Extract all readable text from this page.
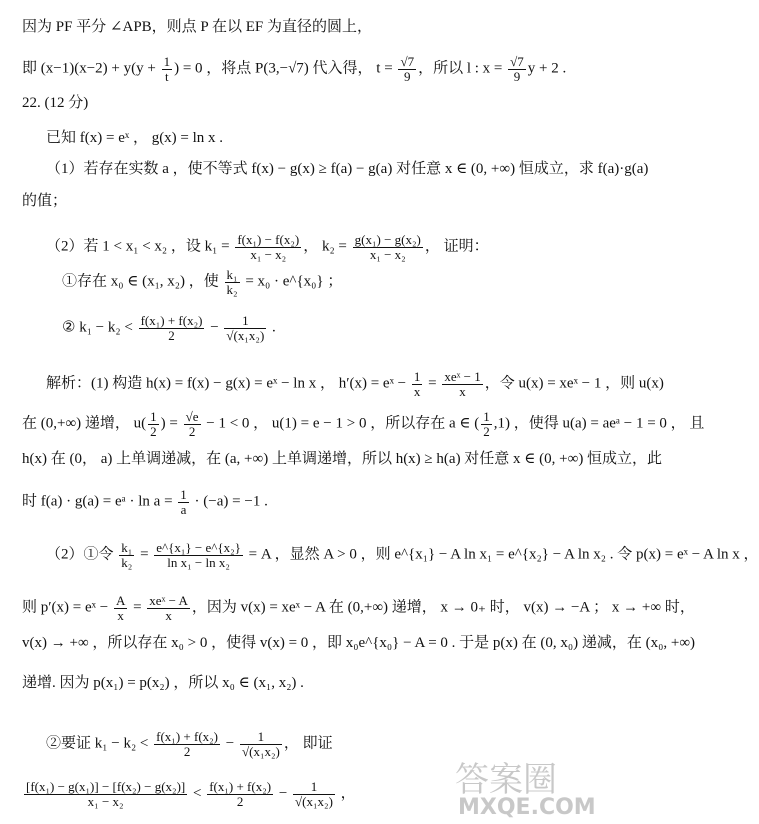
因为 PF 平分 ∠APB，则点 P 在以 EF 为直径的圆上，
即 $(x-1)(x-2) + y(y + \frac{1}{t}$ ) = 0 ，将点 P(3,−√7) 代入得， $t = \frac{√7}{9}$ ，所以 l : $x = \frac{√7}{9}$ y + 2 .
22. (12 分)
已知 f(x) = eˣ ， g(x) = ln x .
（1）若存在实数 a ，使不等式 f(x) − g(x) ≥ f(a) − g(a) 对任意 x ∈ (0, +∞) 恒成立，求 f(a)·g(a)
的值；
（2）若 1 < x₁ < x₂ ，设 $k_1 = \frac{\text{f(x₁) − f(x₂)}}{\text{x₁ − x₂}}$ ， $k_2 = \frac{\text{g(x₁) − g(x₂)}}{\text{x₁ − x₂}}$ ， 证明：
①存在 x₀ ∈ (x₁, x₂) ，使 $\frac{\text{k₁}}{\text{k₂}} = x_0$ · e^{x₀} ；
② $k_1 - k_2 < \frac{\text{f(x₁) + f(x₂)}}{2} - \frac{1}{\text{√(x₁x₂)}}$ .
解析：(1) 构造 h(x) = f(x) − g(x) = eˣ − ln x ， h′(x) = eˣ − $\frac{1}{x} = \frac{\text{xeˣ − 1}}{x}$ ，令 u(x) = xeˣ − 1 ，则 u(x)
在 (0,+∞) 递增， $u( \frac{1}{2}$ ) = $\frac{√e}{2} - 1 < 0$ ， u(1) = e − 1 > 0 ，所以存在 a ∈ ( $\frac{1}{2} ,1$) ，使得 u(a) = aeᵃ − 1 = 0 ， 且
h(x) 在 (0， a) 上单调递减，在 (a, +∞) 上单调递增，所以 h(x) ≥ h(a) 对任意 x ∈ (0, +∞) 恒成立，此
时 f(a) · g(a) = eᵃ · $\ln a = \frac{1}{a} \cdot (-a) = -1$ .
（2）①令 $\frac{\text{k₁}}{\text{k₂}} = \frac{\text{e\textasciicircum{}\{x₁\} − e\textasciicircum{}\{x₂\}}}{\text{ln x₁ − ln x₂}} = A$ ，显然 A > 0 ，则 e^{x₁} − A ln x₁ = e^{x₂} − A ln x₂ . 令 p(x) = eˣ − A ln x ，
则 p′(x) = eˣ − $\frac{A}{x} = \frac{\text{xeˣ − A}}{x}$ ，因为 v(x) = xeˣ − A 在 (0,+∞) 递增， x → 0₊ 时， v(x) → −A ； x → +∞ 时，
v(x) → +∞ ，所以存在 x₀ > 0 ，使得 v(x) = 0 ，即 x₀e^{x₀} − A = 0 . 于是 p(x) 在 (0, x₀) 递减，在 (x₀, +∞)
递增. 因为 p(x₁) = p(x₂) ，所以 x₀ ∈ (x₁, x₂) .
②要证 $k_1 - k_2 < \frac{\text{f(x₁) + f(x₂)}}{2} - \frac{1}{\text{√(x₁x₂)}}$ ， 即证
$\frac{\text{[f(x₁) − g(x₁)] − [f(x₂) − g(x₂)]}}{\text{x₁ − x₂}} < \frac{\text{f(x₁) + f(x₂)}}{2} - \frac{1}{\text{√(x₁x₂)}}$ ，	答案圈
MXQE.COM
